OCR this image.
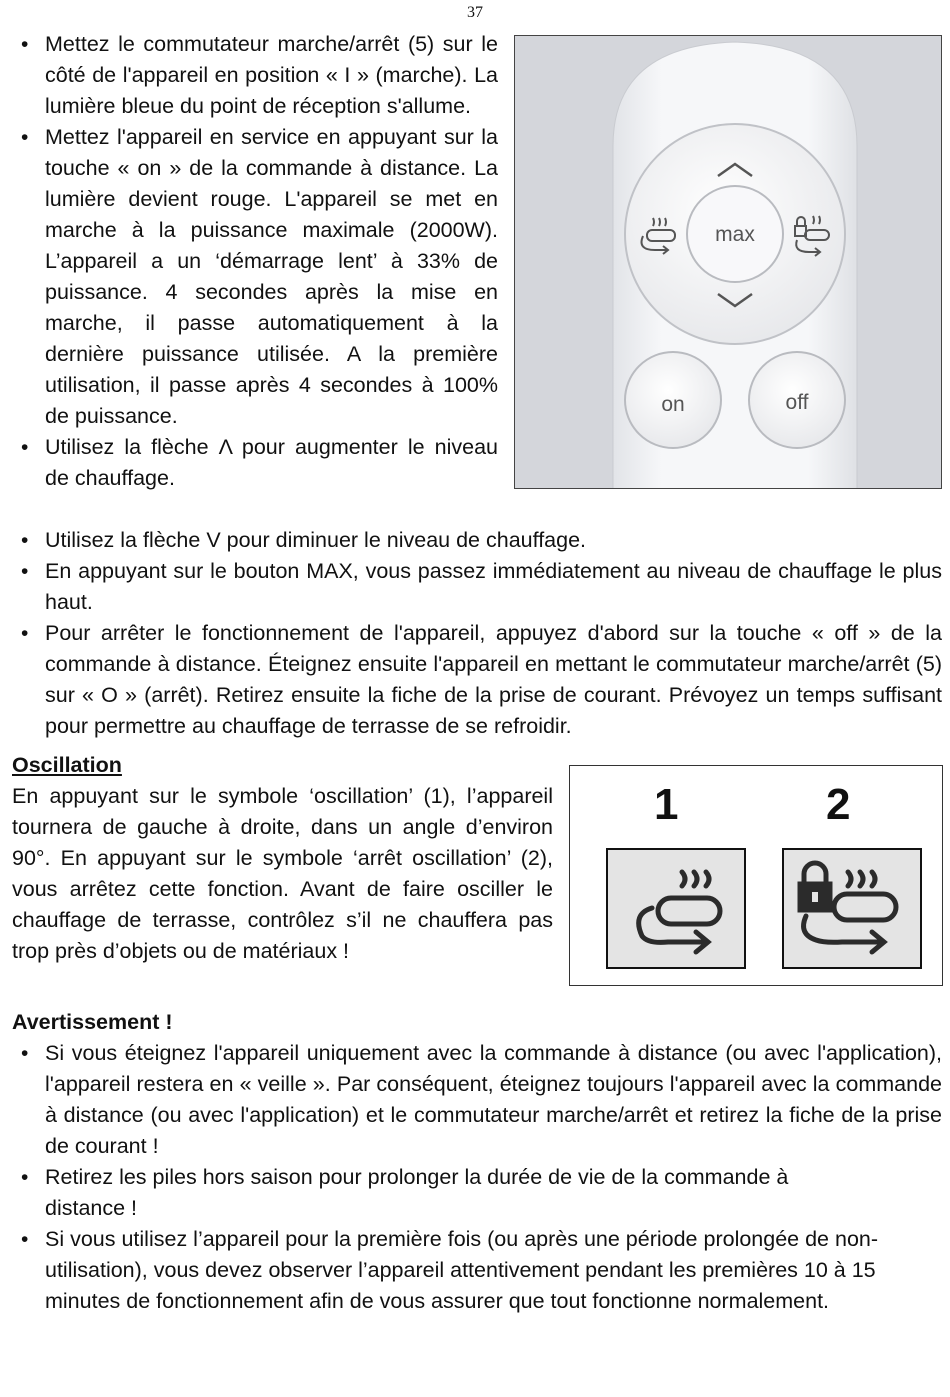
37
• Mettez le commutateur marche/arrêt (5) sur le côté de l'appareil en position « I » (marche). La lumière bleue du point de réception s'allume.
• Mettez l'appareil en service en appuyant sur la touche « on » de la commande à distance. La lumière devient rouge. L'appareil se met en marche à la puissance maximale (2000W). L’appareil a un ‘démarrage lent’ à 33% de puissance. 4 secondes après la mise en marche, il passe automatiquement à la dernière puissance utilisée. A la première utilisation, il passe après 4 secondes à 100% de puissance.
• Utilisez la flèche Λ pour augmenter le niveau de chauffage.
max
on	off
• Utilisez la flèche V pour diminuer le niveau de chauffage.
• En appuyant sur le bouton MAX, vous passez immédiatement au niveau de chauffage le plus haut.
• Pour arrêter le fonctionnement de l'appareil, appuyez d'abord sur la touche « off » de la commande à distance. Éteignez ensuite l'appareil en mettant le commutateur marche/arrêt (5) sur « O » (arrêt). Retirez ensuite la fiche de la prise de courant. Prévoyez un temps suffisant pour permettre au chauffage de terrasse de se refroidir.
Oscillation
En appuyant sur le symbole ‘oscillation’ (1), l’appareil tournera de gauche à droite, dans un angle d’environ 90°. En appuyant sur le symbole ‘arrêt oscillation’ (2), vous arrêtez cette fonction. Avant de faire osciller le chauffage de terrasse, contrôlez s’il ne chauffera pas trop près d’objets ou de matériaux !
1	2
Avertissement !
• Si vous éteignez l'appareil uniquement avec la commande à distance (ou avec l'application), l'appareil restera en « veille ». Par conséquent, éteignez toujours l'appareil avec la commande à distance (ou avec l'application) et le commutateur marche/arrêt et retirez la fiche de la prise de courant !
• Retirez les piles hors saison pour prolonger la durée de vie de la commande à distance !
• Si vous utilisez l’appareil pour la première fois (ou après une période prolongée de non-utilisation), vous devez observer l’appareil attentivement pendant les premières 10 à 15 minutes de fonctionnement afin de vous assurer que tout fonctionne normalement.
